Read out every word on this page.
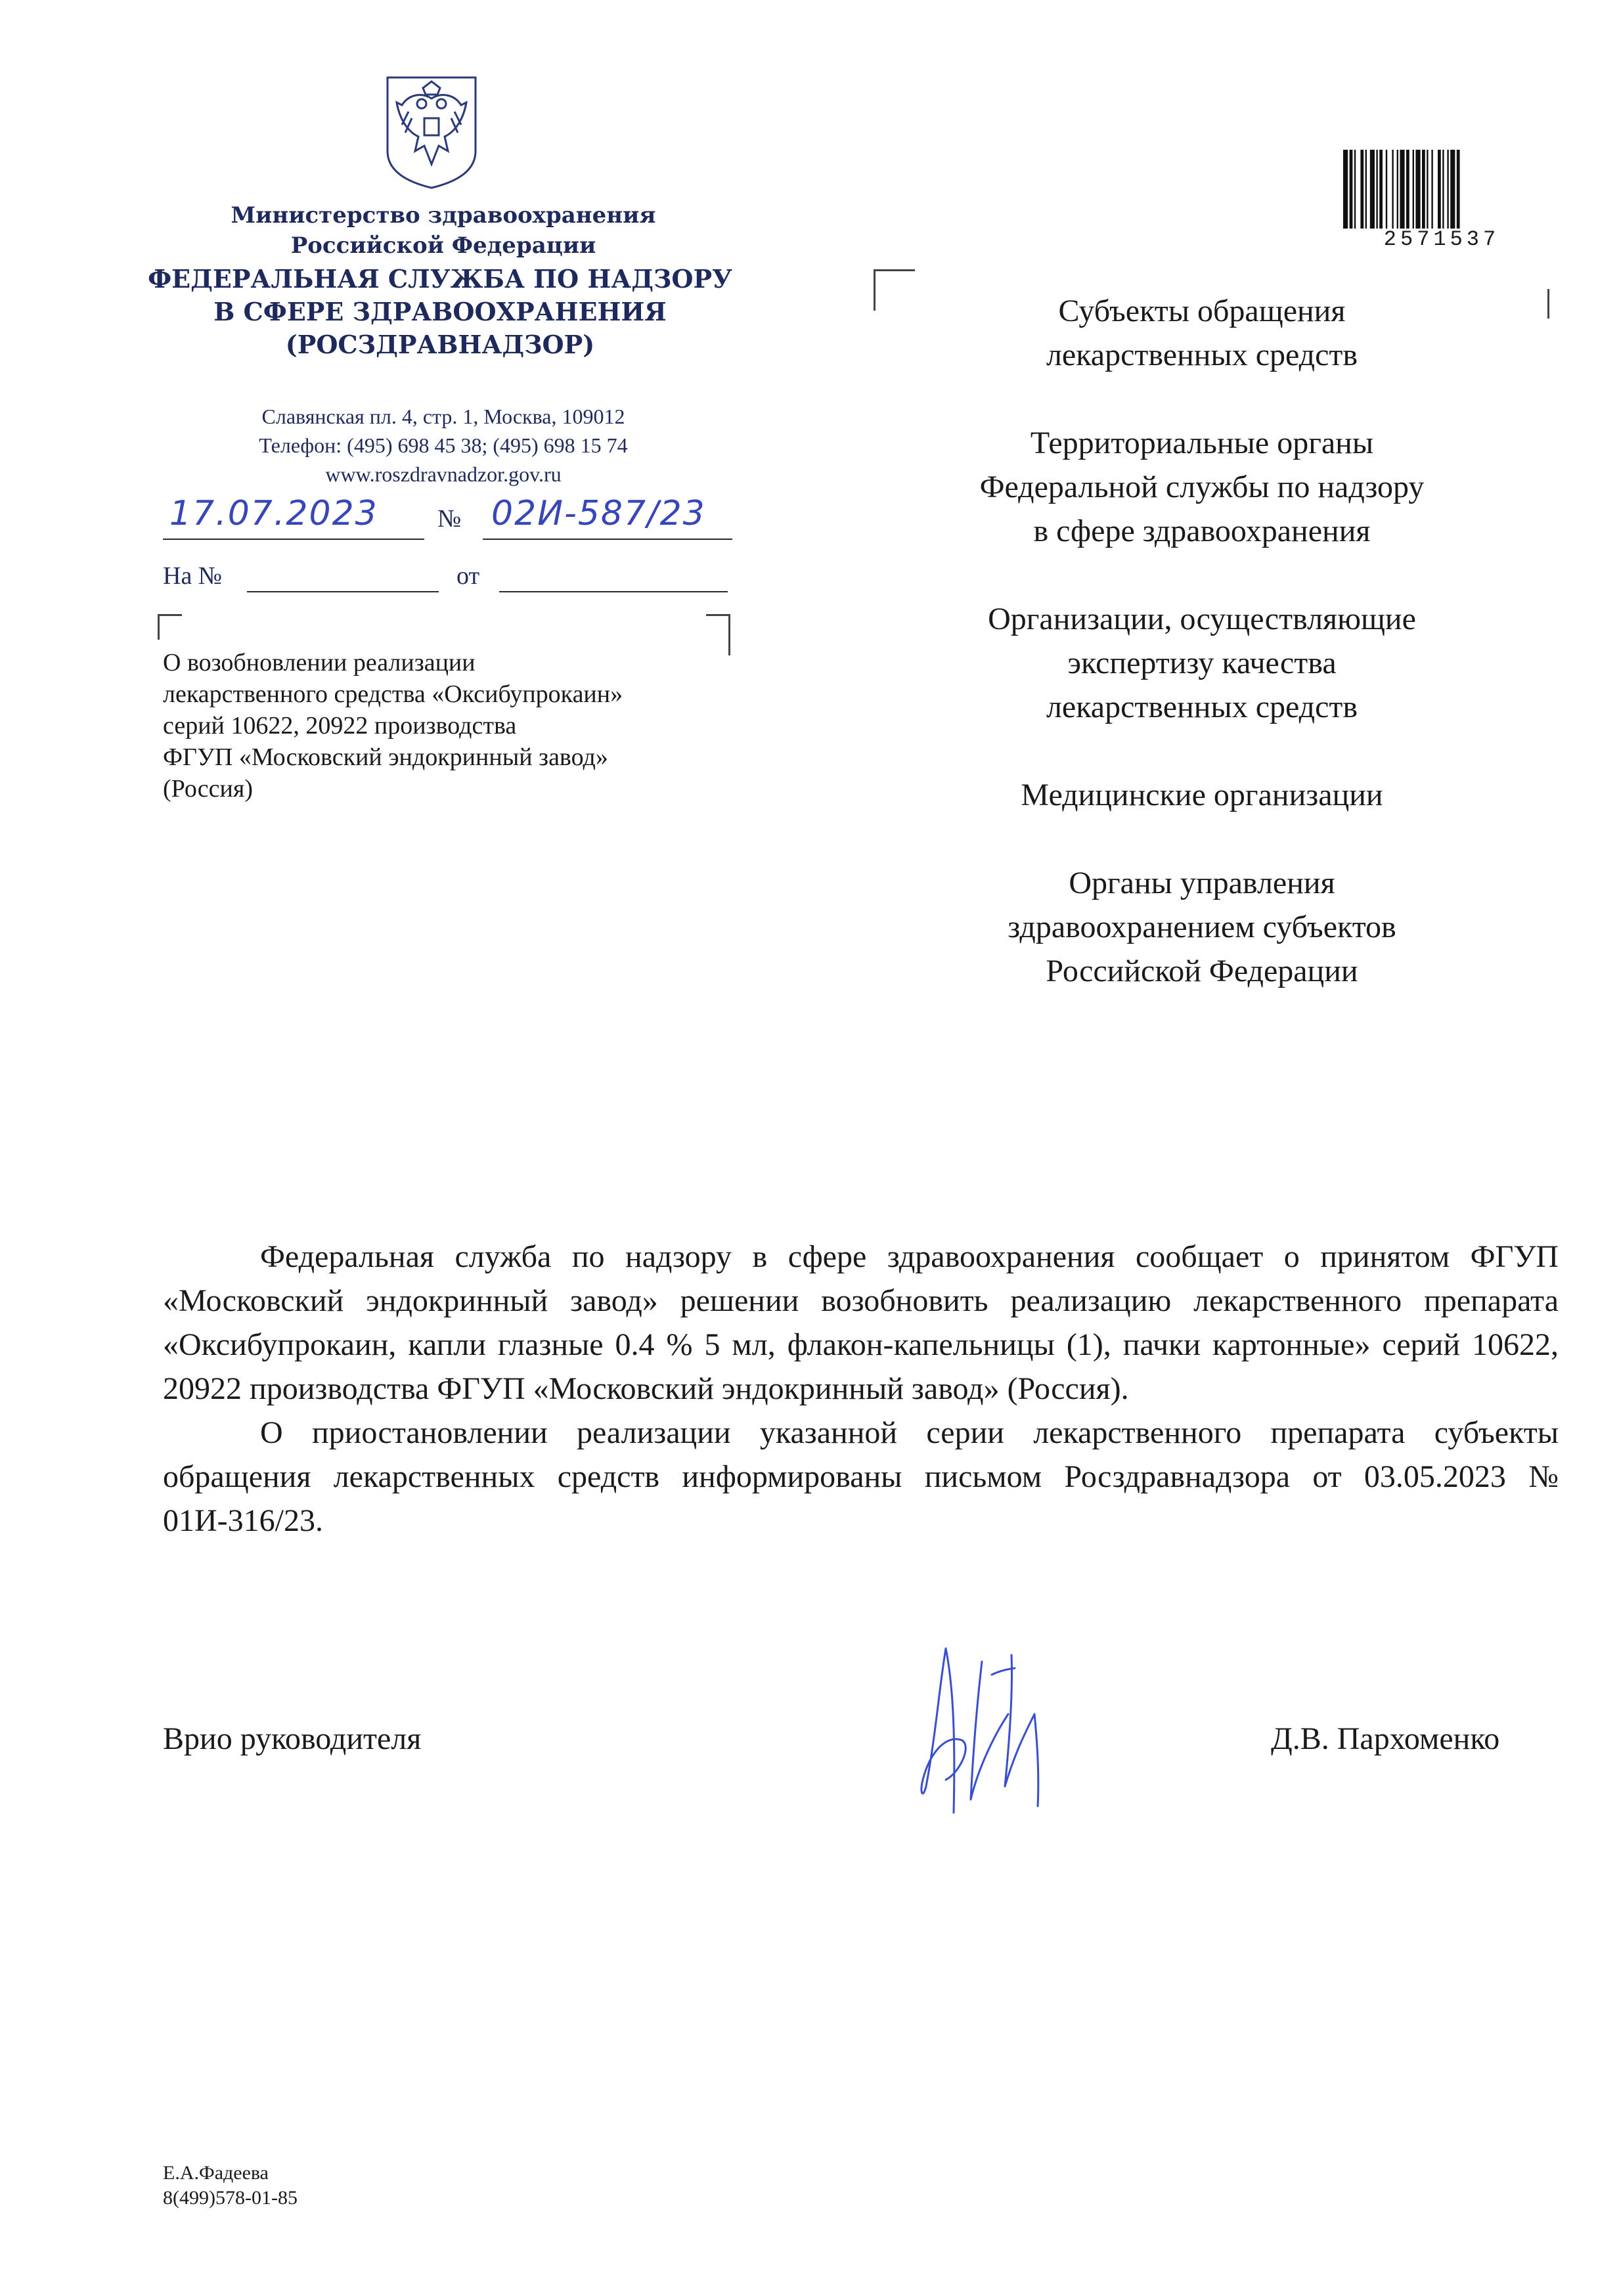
Министерство здравоохранения
Российской Федерации
ФЕДЕРАЛЬНАЯ СЛУЖБА ПО НАДЗОРУ
В СФЕРЕ ЗДРАВООХРАНЕНИЯ
(РОСЗДРАВНАДЗОР)
Славянская пл. 4, стр. 1, Москва, 109012
Телефон: (495) 698 45 38; (495) 698 15 74
www.roszdravnadzor.gov.ru
17.07.2023 № 02И-587/23
На №	от
О возобновлении реализации
лекарственного средства «Оксибупрокаин»
серий 10622, 20922 производства
ФГУП «Московский эндокринный завод»
(Россия)
2571537

Субъекты обращения
лекарственных средств

Территориальные органы
Федеральной службы по надзору
в сфере здравоохранения

Организации, осуществляющие
экспертизу качества
лекарственных средств

Медицинские организации

Органы управления
здравоохранением субъектов
Российской Федерации

Федеральная служба по надзору в сфере здравоохранения сообщает о принятом ФГУП «Московский эндокринный завод» решении возобновить реализацию лекарственного препарата «Оксибупрокаин, капли глазные 0.4 % 5 мл, флакон-капельницы (1), пачки картонные» серий 10622, 20922 производства ФГУП «Московский эндокринный завод» (Россия).

О приостановлении реализации указанной серии лекарственного препарата субъекты обращения лекарственных средств информированы письмом Росздравнадзора от 03.05.2023 № 01И-316/23.

Врио руководителя	Д.В. Пархоменко
Е.А.Фадеева
8(499)578-01-85
